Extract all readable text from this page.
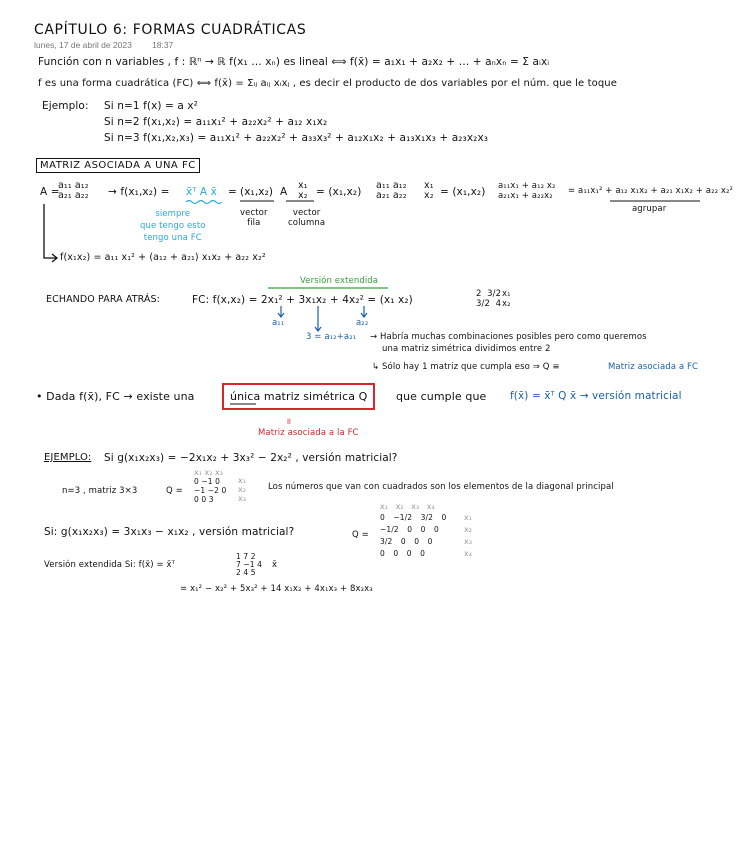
CAPÍTULO 6: FORMAS CUADRÁTICAS
lunes, 17 de abril de 2023 18:37
Función con n variables , f : ℝⁿ → ℝ f(x₁ … xₙ) es lineal ⟺ f(x̄) = a₁x₁ + a₂x₂ + … + aₙxₙ = Σ aᵢxᵢ
f es una forma cuadrática (FC) ⟺ f(x̄) = Σᵢⱼ aᵢⱼ xᵢxⱼ , es decir el producto de dos variables por el núm. que le toque
Ejemplo: Si n=1 f(x) = a x²
Si n=2 f(x₁,x₂) = a₁₁x₁² + a₂₂x₂² + a₁₂ x₁x₂
Si n=3 f(x₁,x₂,x₃) = a₁₁x₁² + a₂₂x₂² + a₃₃x₃² + a₁₂x₁x₂ + a₁₃x₁x₃ + a₂₃x₂x₃
MATRIZ ASOCIADA A UNA FC
A =
a₁₁ a₁₂
a₂₁ a₂₂ → f(x₁,x₂) = x̄ᵀ A x̄ = (x₁,x₂) A
x₁
x₂ = (x₁,x₂)
a₁₁ a₁₂
a₂₁ a₂₂
x₁
x₂ = (x₁,x₂) a₁₁x₁ + a₁₂ x₂
a₂₁x₁ + a₂₂x₂	= a₁₁x₁² + a₁₂ x₁x₂ + a₂₁ x₁x₂ + a₂₂ x₂²
siempre
que tengo esto
tengo una FC
vector
fila
vector
columna
agrupar
f(x₁x₂) = a₁₁ x₁² + (a₁₂ + a₂₁) x₁x₂ + a₂₂ x₂²
Versión extendida
ECHANDO PARA ATRÁS:	FC: f(x,x₂) = 2x₁² + 3x₁x₂ + 4x₂² = (x₁ x₂)	2  3/2
3/2  4
x₁
x₂
a₁₁	a₂₂
3 = a₁₂+a₂₁ → Habría muchas combinaciones posibles pero como queremos
una matriz simétrica dividimos entre 2
↳ Sólo hay 1 matriz que cumpla eso ⇒ Q ≡	Matriz asociada a FC
• Dada f(x̄), FC → existe una	única matriz simétrica Q	que cumple que f(x̄) = x̄ᵀ Q x̄ → versión matricial
॥
Matriz asociada a la FC
EJEMPLO: Si g(x₁x₂x₃) = −2x₁x₂ + 3x₃² − 2x₂² , versión matricial?
n=3 , matriz 3×3	Q =
x₁ x₂ x₃
0 −1 0
−1 −2 0
0 0 3
x₁
x₂
x₃
Los números que van con cuadrados son los elementos de la diagonal principal
Si: g(x₁x₂x₃) = 3x₁x₃ − x₁x₂ , versión matricial?	Q =
x₁   x₂   x₃   x₄
0 −1/2 3/2 0
−1/2 0 0 0
3/2 0 0 0
0 0 0 0
x₁
x₂
x₃
x₄
Versión extendida Si: f(x̄) = x̄ᵀ
1 7 2
7 −1 4
2 4 5
x̄
= x₁² − x₂² + 5x₃² + 14 x₁x₂ + 4x₁x₃ + 8x₂x₃
